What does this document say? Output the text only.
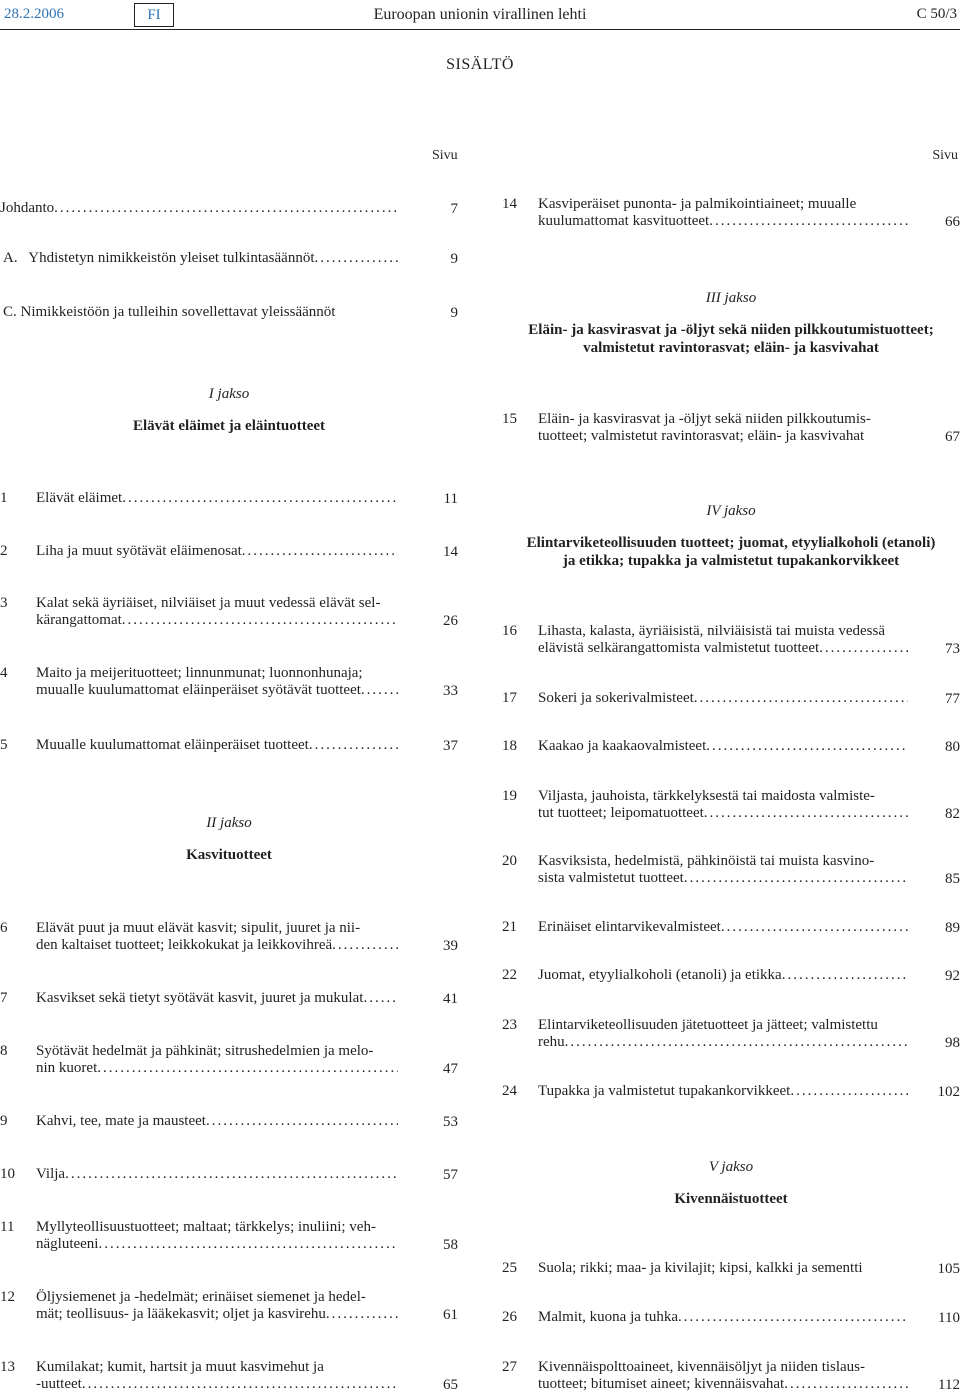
28.2.2006	FI	Euroopan unionin virallinen lehti	C 50/3
SISÄLTÖ
Sivu	Sivu
Johdanto .....	7
A.   Yhdistetyn nimikkeistön yleiset tulkintasäännöt .....	9
C. Nimikkeistöön ja tulleihin sovellettavat yleissäännöt	9
I jakso
Elävät eläimet ja eläintuotteet
II jakso
Kasvituotteet
III jakso
Eläin- ja kasvirasvat ja -öljyt sekä niiden pilkkoutumistuotteet;
valmistetut ravintorasvat; eläin- ja kasvivahat
IV jakso
Elintarviketeollisuuden tuotteet; juomat, etyylialkoholi (etanoli)
ja etikka; tupakka ja valmistetut tupakankorvikkeet
V jakso
Kivennäistuotteet
1 Elävät eläimet .....	11
2 Liha ja muut syötävät eläimenosat .....	14
3 Kalat sekä äyriäiset, nilviäiset ja muut vedessä elävät sel-
kärangattomat .....	26
4 Maito ja meijerituotteet; linnunmunat; luonnonhunaja;
muualle kuulumattomat eläinperäiset syötävät tuotteet .....	33
5 Muualle kuulumattomat eläinperäiset tuotteet .....	37
6 Elävät puut ja muut elävät kasvit; sipulit, juuret ja nii-
den kaltaiset tuotteet; leikkokukat ja leikkovihreä .....	39
7 Kasvikset sekä tietyt syötävät kasvit, juuret ja mukulat .....	41
8 Syötävät hedelmät ja pähkinät; sitrushedelmien ja melo-
nin kuoret .....	47
9 Kahvi, tee, mate ja mausteet .....	53
10 Vilja .....	57
11 Myllyteollisuustuotteet; maltaat; tärkkelys; inuliini; veh-
nägluteeni .....	58
12 Öljysiemenet ja -hedelmät; erinäiset siemenet ja hedel-
mät; teollisuus- ja lääkekasvit; oljet ja kasvirehu .....	61
13 Kumilakat; kumit, hartsit ja muut kasvimehut ja
-uutteet .....	65
14 Kasviperäiset punonta- ja palmikointiaineet; muualle
kuulumattomat kasvituotteet .....	66
15 Eläin- ja kasvirasvat ja -öljyt sekä niiden pilkkoutumis-
tuotteet; valmistetut ravintorasvat; eläin- ja kasvivahat	67
16 Lihasta, kalasta, äyriäisistä, nilviäisistä tai muista vedessä
elävistä selkärangattomista valmistetut tuotteet .....	73
17 Sokeri ja sokerivalmisteet .....	77
18 Kaakao ja kaakaovalmisteet .....	80
19 Viljasta, jauhoista, tärkkelyksestä tai maidosta valmiste-
tut tuotteet; leipomatuotteet .....	82
20 Kasviksista, hedelmistä, pähkinöistä tai muista kasvino-
sista valmistetut tuotteet .....	85
21 Erinäiset elintarvikevalmisteet .....	89
22 Juomat, etyylialkoholi (etanoli) ja etikka .....	92
23 Elintarviketeollisuuden jätetuotteet ja jätteet; valmistettu
rehu .....	98
24 Tupakka ja valmistetut tupakankorvikkeet .....	102
25 Suola; rikki; maa- ja kivilajit; kipsi, kalkki ja sementti	105
26 Malmit, kuona ja tuhka .....	110
27 Kivennäispolttoaineet, kivennäisöljyt ja niiden tislaus-
tuotteet; bitumiset aineet; kivennäisvahat .....	112
